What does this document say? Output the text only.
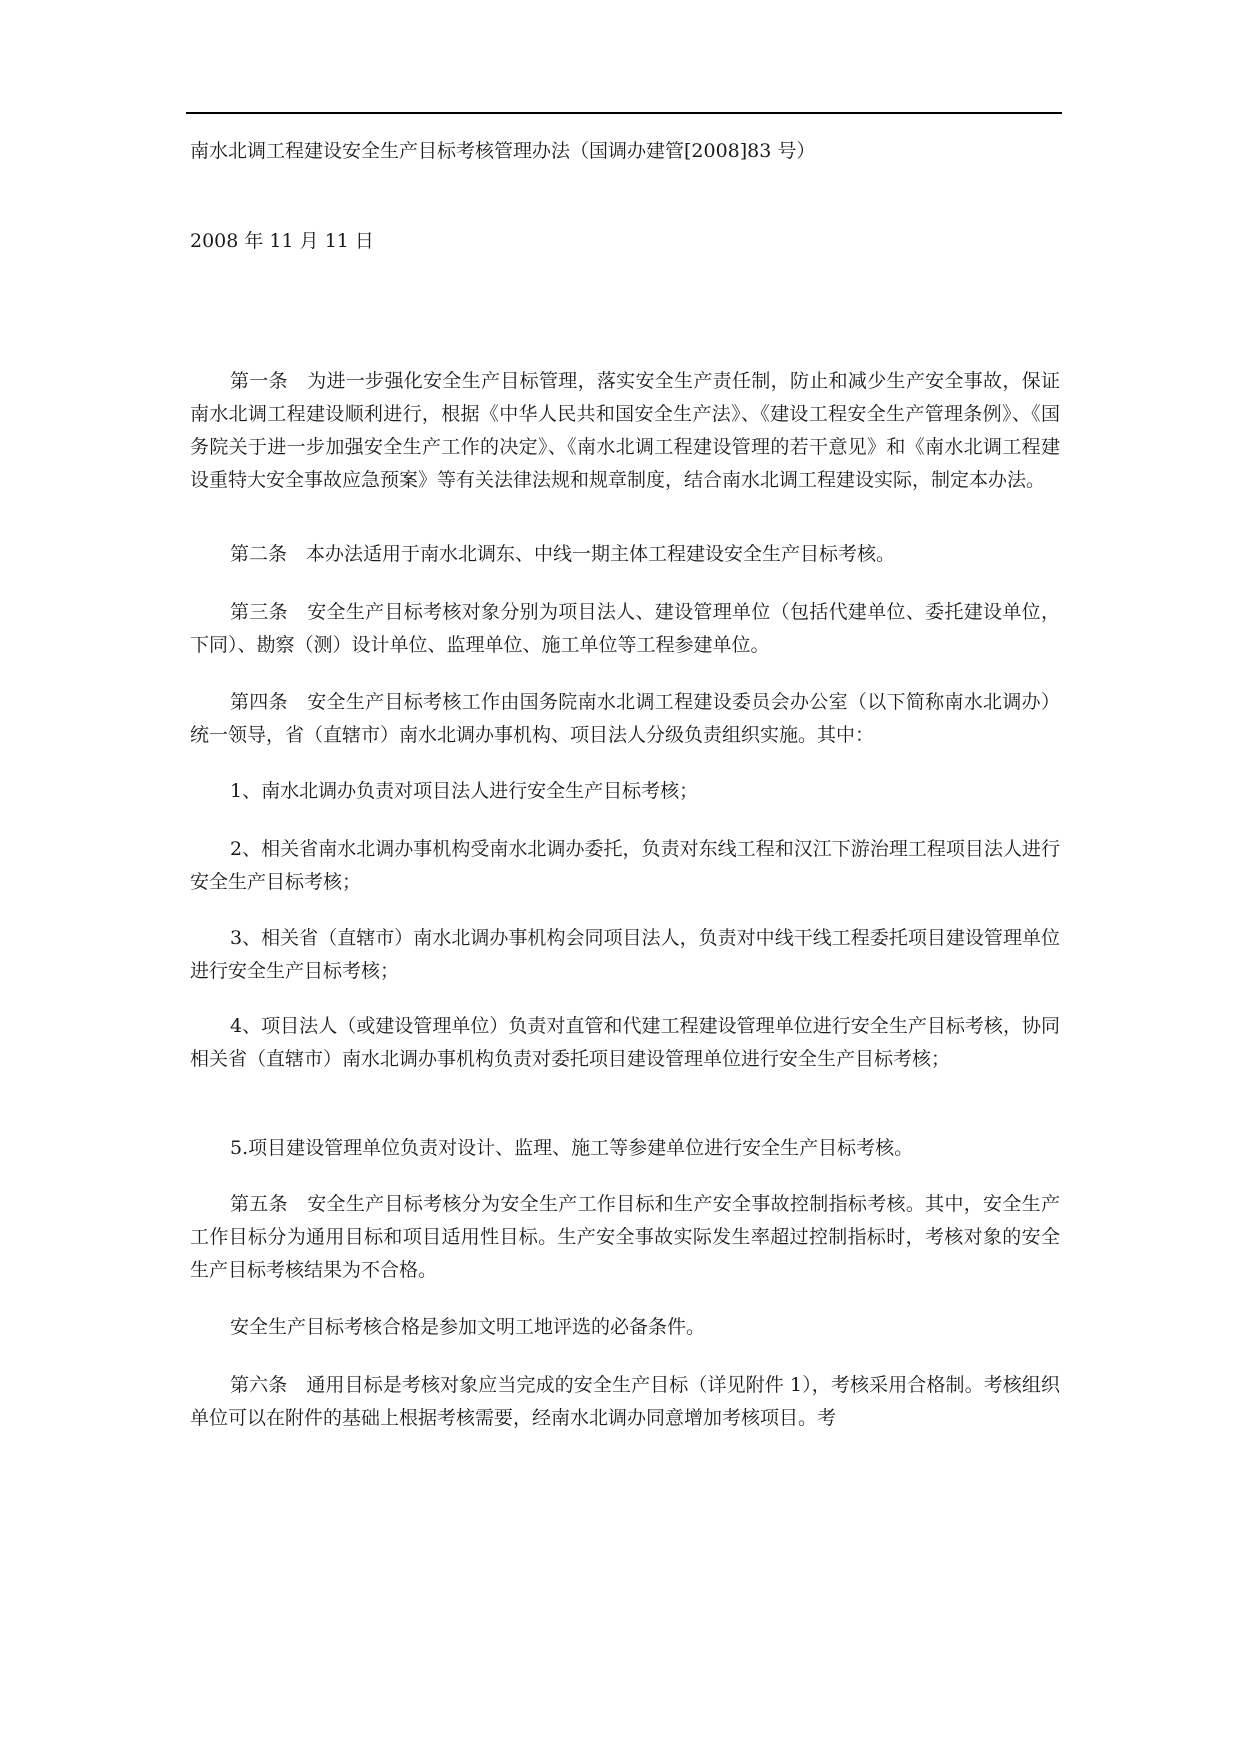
南水北调工程建设安全生产目标考核管理办法（国调办建管[2008]83 号）
2008 年 11 月 11 日
第一条　为进一步强化安全生产目标管理，落实安全生产责任制，防止和减少生产安全事故，保证南水北调工程建设顺利进行，根据《中华人民共和国安全生产法》、《建设工程安全生产管理条例》、《国务院关于进一步加强安全生产工作的决定》、《南水北调工程建设管理的若干意见》和《南水北调工程建设重特大安全事故应急预案》等有关法律法规和规章制度，结合南水北调工程建设实际，制定本办法。
第二条　本办法适用于南水北调东、中线一期主体工程建设安全生产目标考核。
第三条　安全生产目标考核对象分别为项目法人、建设管理单位（包括代建单位、委托建设单位，下同）、勘察（测）设计单位、监理单位、施工单位等工程参建单位。
第四条　安全生产目标考核工作由国务院南水北调工程建设委员会办公室（以下简称南水北调办）统一领导，省（直辖市）南水北调办事机构、项目法人分级负责组织实施。其中：
1、南水北调办负责对项目法人进行安全生产目标考核；
2、相关省南水北调办事机构受南水北调办委托，负责对东线工程和汉江下游治理工程项目法人进行安全生产目标考核；
3、相关省（直辖市）南水北调办事机构会同项目法人，负责对中线干线工程委托项目建设管理单位进行安全生产目标考核；
4、项目法人（或建设管理单位）负责对直管和代建工程建设管理单位进行安全生产目标考核，协同相关省（直辖市）南水北调办事机构负责对委托项目建设管理单位进行安全生产目标考核；
5.项目建设管理单位负责对设计、监理、施工等参建单位进行安全生产目标考核。
第五条　安全生产目标考核分为安全生产工作目标和生产安全事故控制指标考核。其中，安全生产工作目标分为通用目标和项目适用性目标。生产安全事故实际发生率超过控制指标时，考核对象的安全生产目标考核结果为不合格。
安全生产目标考核合格是参加文明工地评选的必备条件。
第六条　通用目标是考核对象应当完成的安全生产目标（详见附件 1），考核采用合格制。考核组织单位可以在附件的基础上根据考核需要，经南水北调办同意增加考核项目。考
